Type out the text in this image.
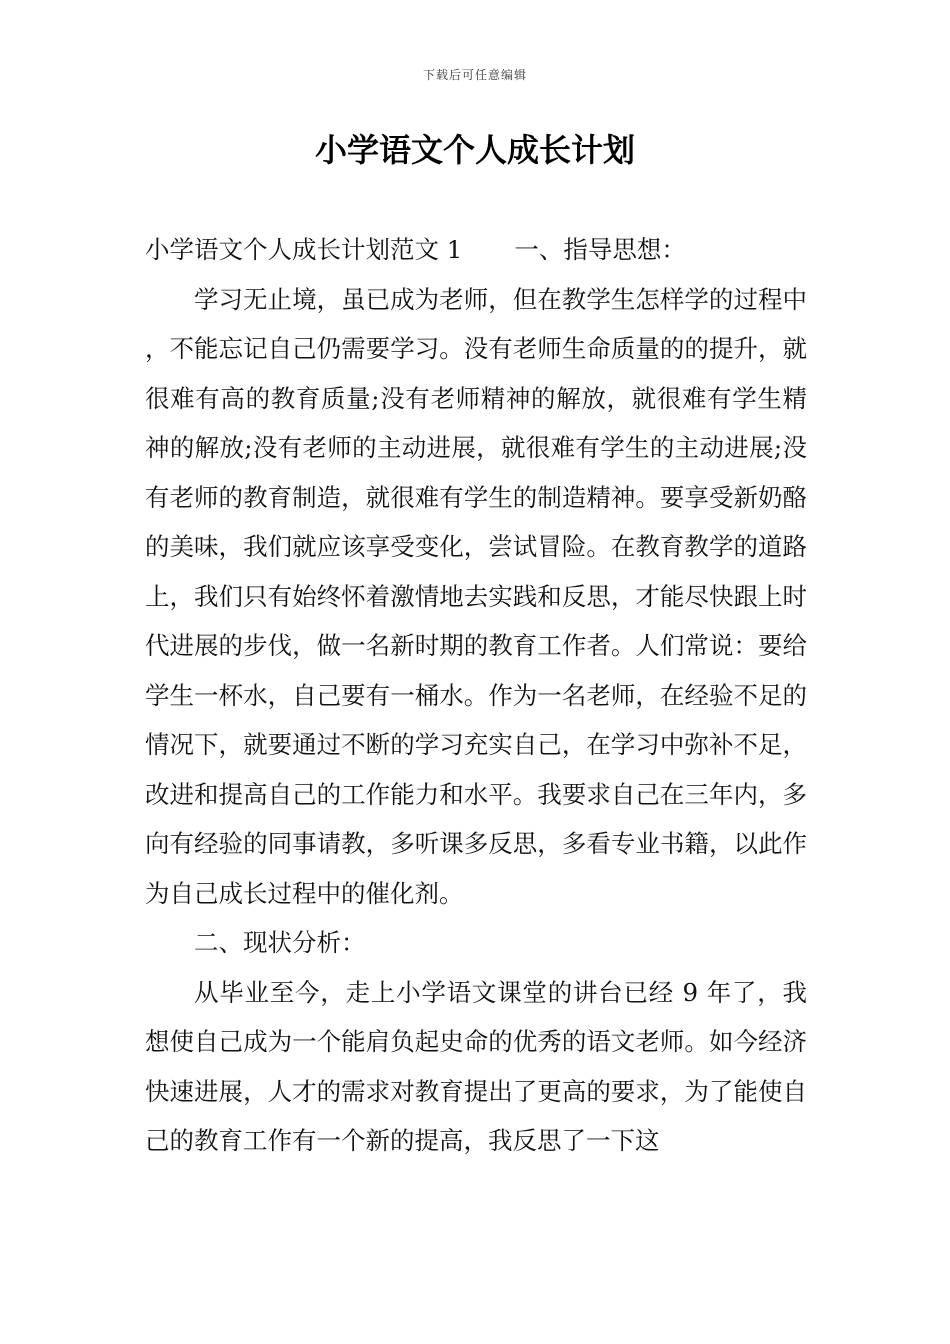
下载后可任意编辑
小学语文个人成长计划

小学语文个人成长计划范文 1 一、指导思想：

学习无止境，虽已成为老师，但在教学生怎样学的过程中，不能忘记自己仍需要学习。没有老师生命质量的的提升，就很难有高的教育质量;没有老师精神的解放，就很难有学生精神的解放;没有老师的主动进展，就很难有学生的主动进展;没有老师的教育制造，就很难有学生的制造精神。要享受新奶酪的美味，我们就应该享受变化，尝试冒险。在教育教学的道路上，我们只有始终怀着激情地去实践和反思，才能尽快跟上时代进展的步伐，做一名新时期的教育工作者。人们常说：要给学生一杯水，自己要有一桶水。作为一名老师，在经验不足的情况下，就要通过不断的学习充实自己，在学习中弥补不足，改进和提高自己的工作能力和水平。我要求自己在三年内，多向有经验的同事请教，多听课多反思，多看专业书籍，以此作为自己成长过程中的催化剂。

二、现状分析：

从毕业至今，走上小学语文课堂的讲台已经 9 年了，我想使自己成为一个能肩负起史命的优秀的语文老师。如今经济快速进展，人才的需求对教育提出了更高的要求，为了能使自己的教育工作有一个新的提高，我反思了一下这
